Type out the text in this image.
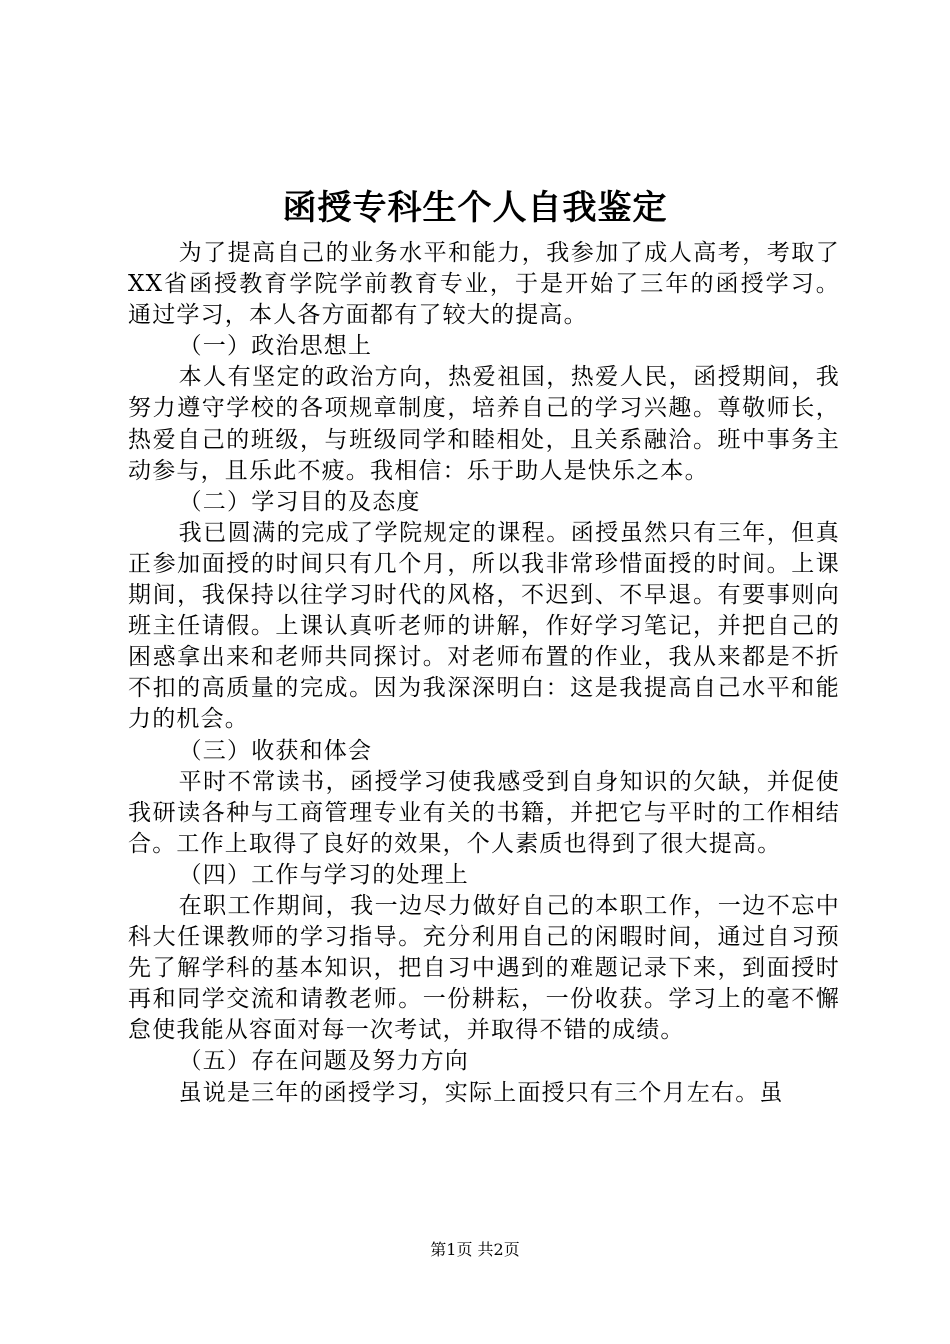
函授专科生个人自我鉴定

为了提高自己的业务水平和能力，我参加了成人高考，考取了XX省函授教育学院学前教育专业，于是开始了三年的函授学习。通过学习，本人各方面都有了较大的提高。

（一）政治思想上

本人有坚定的政治方向，热爱祖国，热爱人民，函授期间，我努力遵守学校的各项规章制度，培养自己的学习兴趣。尊敬师长，热爱自己的班级，与班级同学和睦相处，且关系融洽。班中事务主动参与，且乐此不疲。我相信：乐于助人是快乐之本。

（二）学习目的及态度

我已圆满的完成了学院规定的课程。函授虽然只有三年，但真正参加面授的时间只有几个月，所以我非常珍惜面授的时间。上课期间，我保持以往学习时代的风格，不迟到、不早退。有要事则向班主任请假。上课认真听老师的讲解，作好学习笔记，并把自己的困惑拿出来和老师共同探讨。对老师布置的作业，我从来都是不折不扣的高质量的完成。因为我深深明白：这是我提高自己水平和能力的机会。

（三）收获和体会

平时不常读书，函授学习使我感受到自身知识的欠缺，并促使我研读各种与工商管理专业有关的书籍，并把它与平时的工作相结合。工作上取得了良好的效果，个人素质也得到了很大提高。

（四）工作与学习的处理上

在职工作期间，我一边尽力做好自己的本职工作，一边不忘中科大任课教师的学习指导。充分利用自己的闲暇时间，通过自习预先了解学科的基本知识，把自习中遇到的难题记录下来，到面授时再和同学交流和请教老师。一份耕耘，一份收获。学习上的毫不懈怠使我能从容面对每一次考试，并取得不错的成绩。

（五）存在问题及努力方向

虽说是三年的函授学习，实际上面授只有三个月左右。虽

第1页 共2页
